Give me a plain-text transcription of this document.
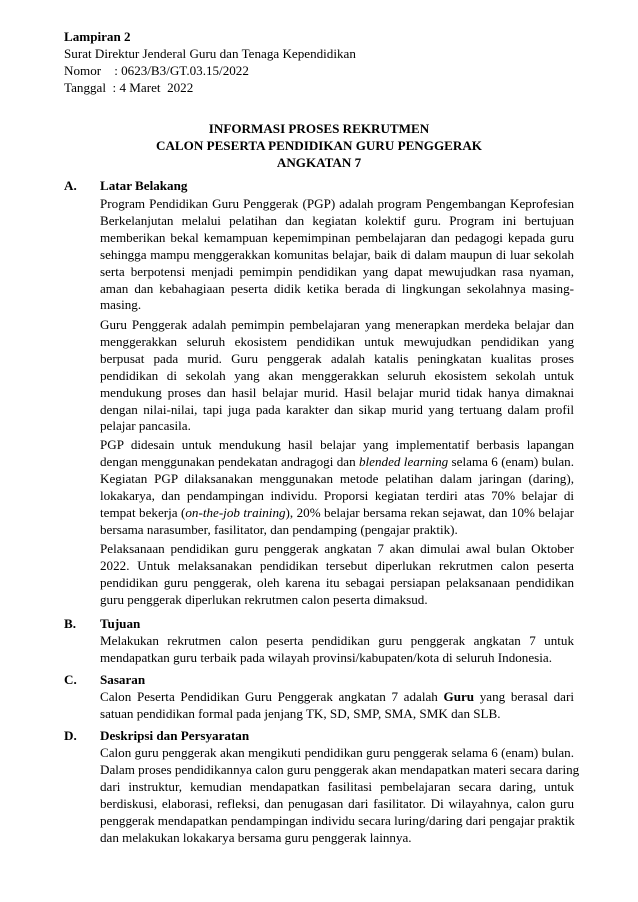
Lampiran 2
Surat Direktur Jenderal Guru dan Tenaga Kependidikan
Nomor    : 0623/B3/GT.03.15/2022
Tanggal  : 4 Maret  2022
INFORMASI PROSES REKRUTMEN
CALON PESERTA PENDIDIKAN GURU PENGGERAK
ANGKATAN 7
A. Latar Belakang
Program Pendidikan Guru Penggerak (PGP) adalah program Pengembangan Keprofesian
Berkelanjutan melalui pelatihan dan kegiatan kolektif guru. Program ini bertujuan
memberikan bekal kemampuan kepemimpinan pembelajaran dan pedagogi kepada guru
sehingga mampu menggerakkan komunitas belajar, baik di dalam maupun di luar sekolah
serta berpotensi menjadi pemimpin pendidikan yang dapat mewujudkan rasa nyaman,
aman dan kebahagiaan peserta didik ketika berada di lingkungan sekolahnya masing-
masing.
Guru Penggerak adalah pemimpin pembelajaran yang menerapkan merdeka belajar dan
menggerakkan seluruh ekosistem pendidikan untuk mewujudkan pendidikan yang
berpusat pada murid. Guru penggerak adalah katalis peningkatan kualitas proses
pendidikan di sekolah yang akan menggerakkan seluruh ekosistem sekolah untuk
mendukung proses dan hasil belajar murid. Hasil belajar murid tidak hanya dimaknai
dengan nilai-nilai, tapi juga pada karakter dan sikap murid yang tertuang dalam profil
pelajar pancasila.
PGP didesain untuk mendukung hasil belajar yang implementatif berbasis lapangan
dengan menggunakan pendekatan andragogi dan blended learning selama 6 (enam) bulan.
Kegiatan PGP dilaksanakan menggunakan metode pelatihan dalam jaringan (daring),
lokakarya, dan pendampingan individu. Proporsi kegiatan terdiri atas 70% belajar di
tempat bekerja (on-the-job training), 20% belajar bersama rekan sejawat, dan 10% belajar
bersama narasumber, fasilitator, dan pendamping (pengajar praktik).
Pelaksanaan pendidikan guru penggerak angkatan 7 akan dimulai awal bulan Oktober
2022. Untuk melaksanakan pendidikan tersebut diperlukan rekrutmen calon peserta
pendidikan guru penggerak, oleh karena itu sebagai persiapan pelaksanaan pendidikan
guru penggerak diperlukan rekrutmen calon peserta dimaksud.
B. Tujuan
Melakukan rekrutmen calon peserta pendidikan guru penggerak angkatan 7 untuk
mendapatkan guru terbaik pada wilayah provinsi/kabupaten/kota di seluruh Indonesia.
C. Sasaran
Calon Peserta Pendidikan Guru Penggerak angkatan 7 adalah Guru yang berasal dari
satuan pendidikan formal pada jenjang TK, SD, SMP, SMA, SMK dan SLB.
D. Deskripsi dan Persyaratan
Calon guru penggerak akan mengikuti pendidikan guru penggerak selama 6 (enam) bulan.
Dalam proses pendidikannya calon guru penggerak akan mendapatkan materi secara daring
dari instruktur, kemudian mendapatkan fasilitasi pembelajaran secara daring, untuk
berdiskusi, elaborasi, refleksi, dan penugasan dari fasilitator. Di wilayahnya, calon guru
penggerak mendapatkan pendampingan individu secara luring/daring dari pengajar praktik
dan melakukan lokakarya bersama guru penggerak lainnya.
